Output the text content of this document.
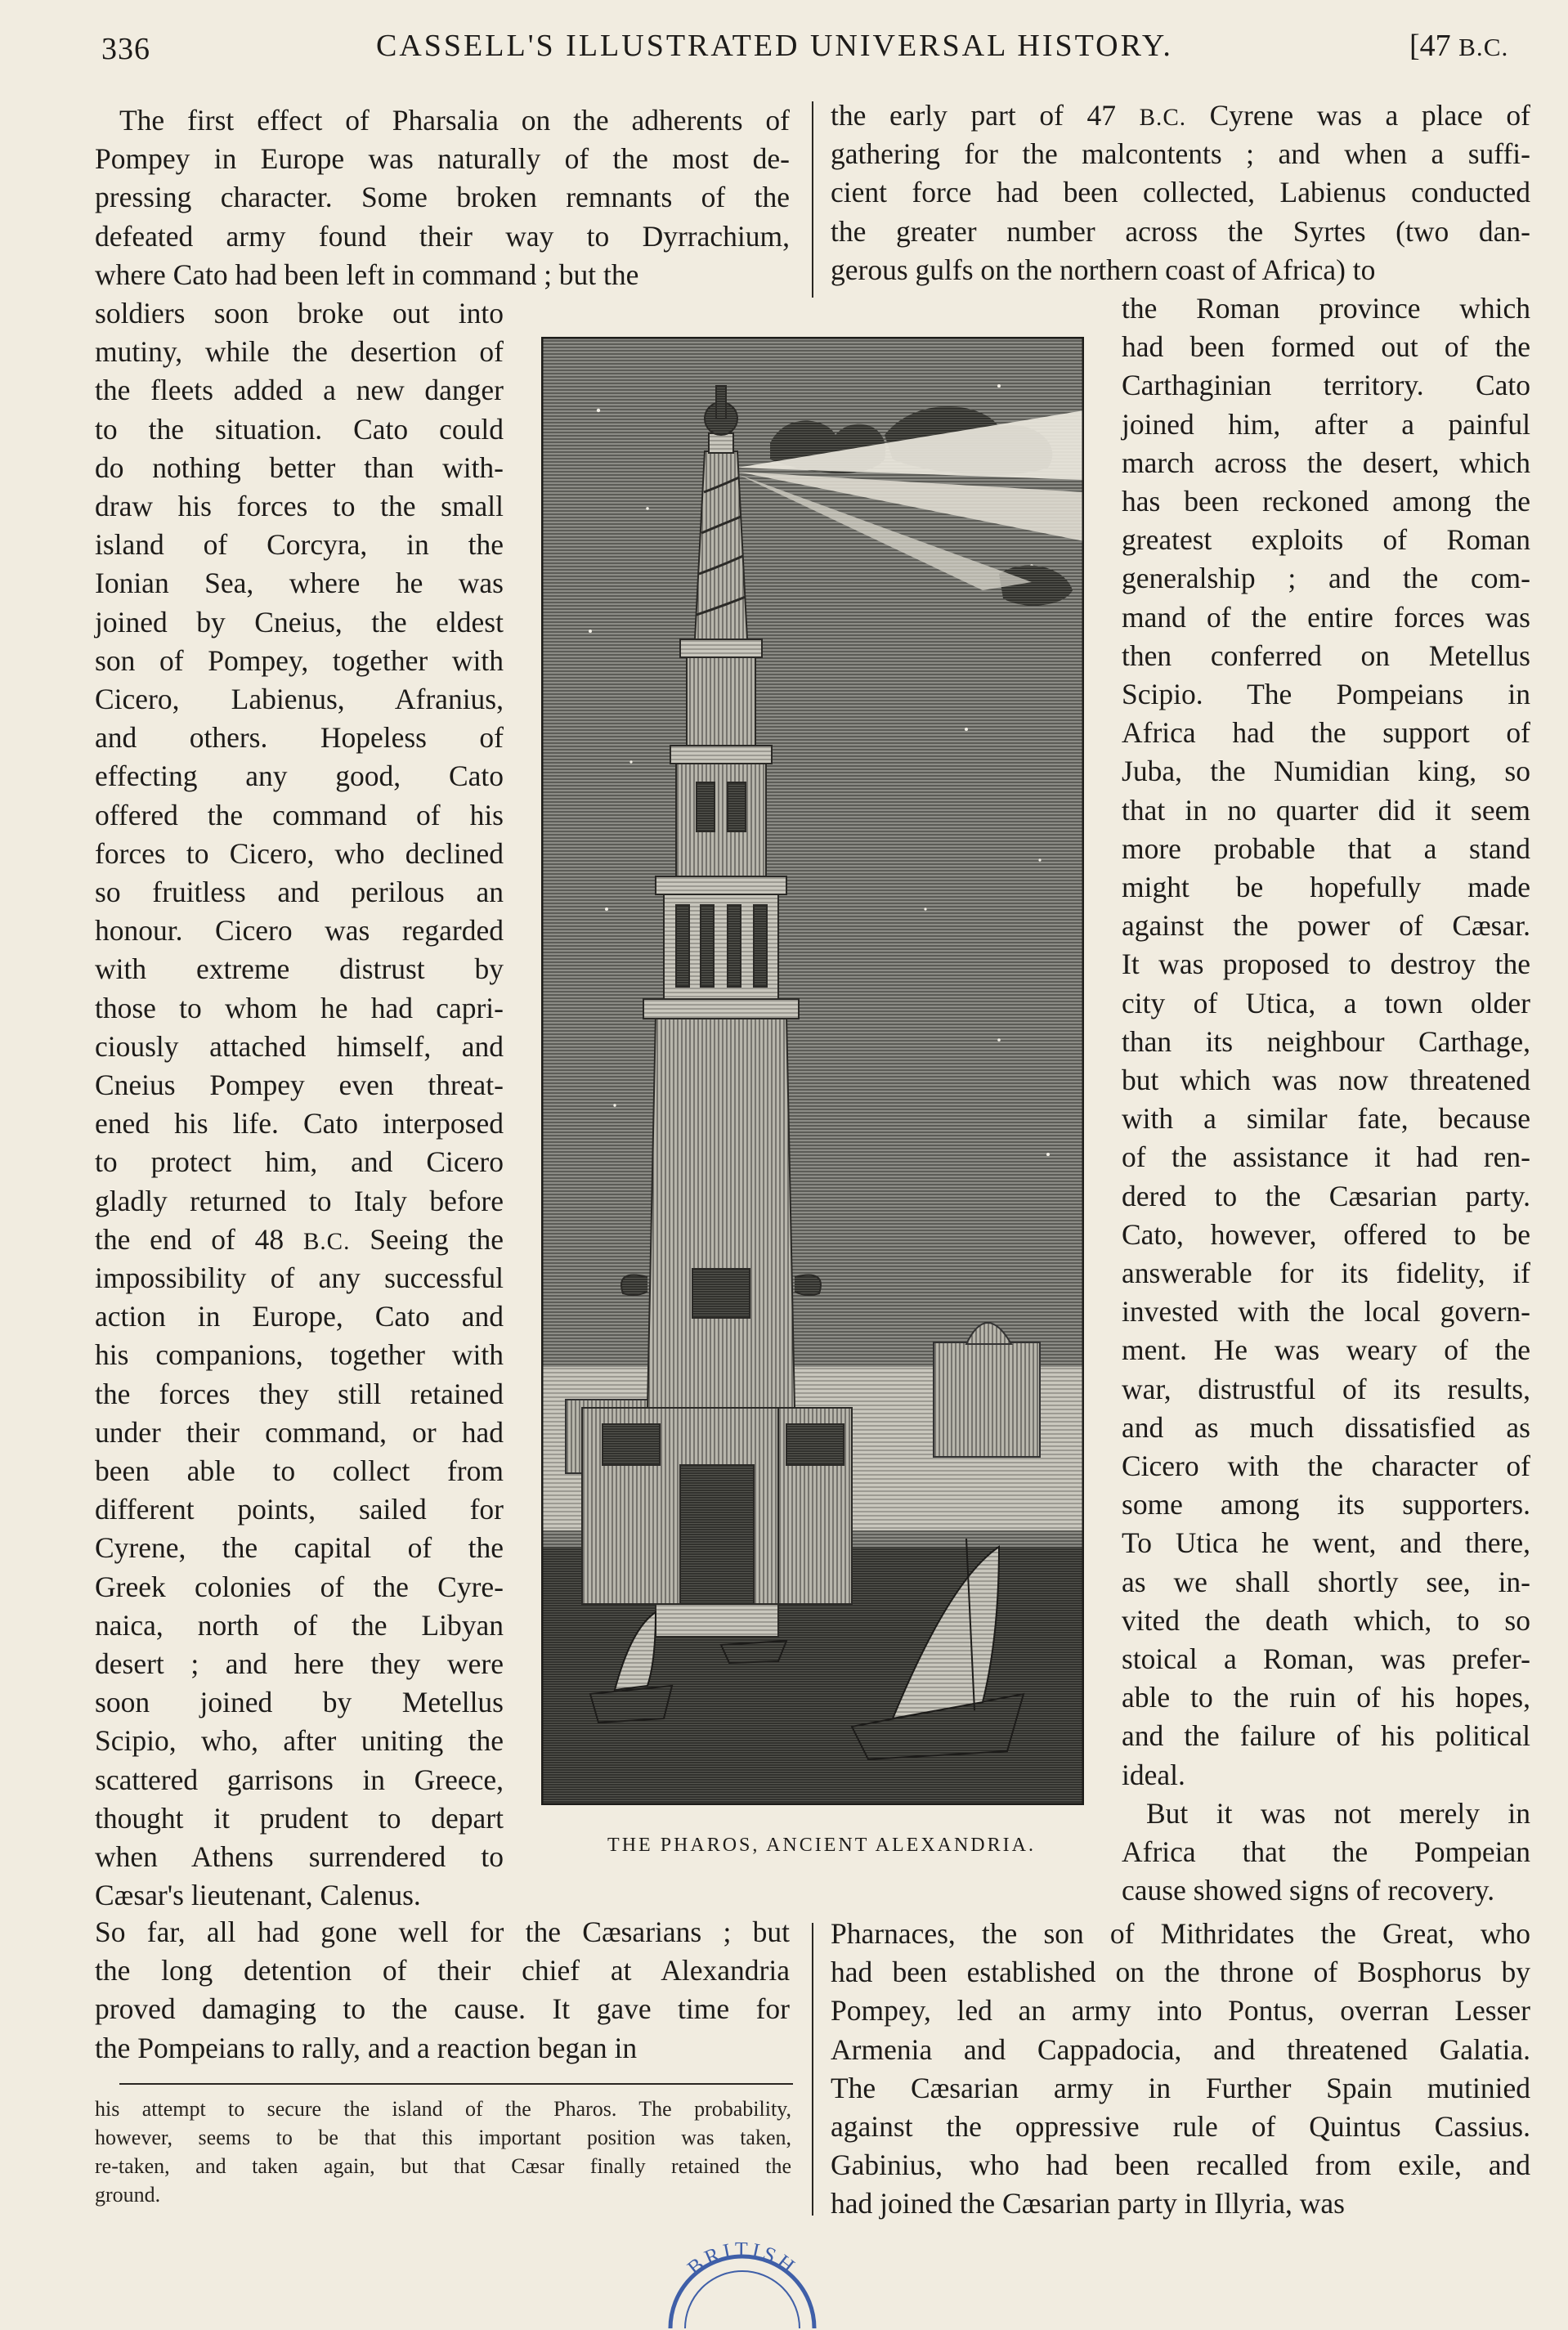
336	CASSELL'S ILLUSTRATED UNIVERSAL HISTORY.	[47 B.C.
The first effect of Pharsalia on the adherents of
Pompey in Europe was naturally of the most de-
pressing character. Some broken remnants of the
defeated army found their way to Dyrrachium,
where Cato had been left in command ; but the
soldiers soon broke out into
mutiny, while the desertion of
the fleets added a new danger
to the situation. Cato could
do nothing better than with-
draw his forces to the small
island of Corcyra, in the
Ionian Sea, where he was
joined by Cneius, the eldest
son of Pompey, together with
Cicero, Labienus, Afranius,
and others. Hopeless of
effecting any good, Cato
offered the command of his
forces to Cicero, who declined
so fruitless and perilous an
honour. Cicero was regarded
with extreme distrust by
those to whom he had capri-
ciously attached himself, and
Cneius Pompey even threat-
ened his life. Cato interposed
to protect him, and Cicero
gladly returned to Italy before
the end of 48 B.C. Seeing the
impossibility of any successful
action in Europe, Cato and
his companions, together with
the forces they still retained
under their command, or had
been able to collect from
different points, sailed for
Cyrene, the capital of the
Greek colonies of the Cyre-
naica, north of the Libyan
desert ; and here they were
soon joined by Metellus
Scipio, who, after uniting the
scattered garrisons in Greece,
thought it prudent to depart
when Athens surrendered to
Cæsar's lieutenant, Calenus.
So far, all had gone well for the Cæsarians ; but
the long detention of their chief at Alexandria
proved damaging to the cause. It gave time for
the Pompeians to rally, and a reaction began in
the early part of 47 B.C. Cyrene was a place of
gathering for the malcontents ; and when a suffi-
cient force had been collected, Labienus conducted
the greater number across the Syrtes (two dan-
gerous gulfs on the northern coast of Africa) to
the Roman province which
had been formed out of the
Carthaginian territory. Cato
joined him, after a painful
march across the desert, which
has been reckoned among the
greatest exploits of Roman
generalship ; and the com-
mand of the entire forces was
then conferred on Metellus
Scipio. The Pompeians in
Africa had the support of
Juba, the Numidian king, so
that in no quarter did it seem
more probable that a stand
might be hopefully made
against the power of Cæsar.
It was proposed to destroy the
city of Utica, a town older
than its neighbour Carthage,
but which was now threatened
with a similar fate, because
of the assistance it had ren-
dered to the Cæsarian party.
Cato, however, offered to be
answerable for its fidelity, if
invested with the local govern-
ment. He was weary of the
war, distrustful of its results,
and as much dissatisfied as
Cicero with the character of
some among its supporters.
To Utica he went, and there,
as we shall shortly see, in-
vited the death which, to so
stoical a Roman, was prefer-
able to the ruin of his hopes,
and the failure of his political
ideal.
But it was not merely in
Africa that the Pompeian
cause showed signs of recovery.
Pharnaces, the son of Mithridates the Great, who
had been established on the throne of Bosphorus by
Pompey, led an army into Pontus, overran Lesser
Armenia and Cappadocia, and threatened Galatia.
The Cæsarian army in Further Spain mutinied
against the oppressive rule of Quintus Cassius.
Gabinius, who had been recalled from exile, and
had joined the Cæsarian party in Illyria, was
his attempt to secure the island of the Pharos. The probability,
however, seems to be that this important position was taken,
re-taken, and taken again, but that Cæsar finally retained the
ground.
THE PHAROS, ANCIENT ALEXANDRIA.
BRITISH
